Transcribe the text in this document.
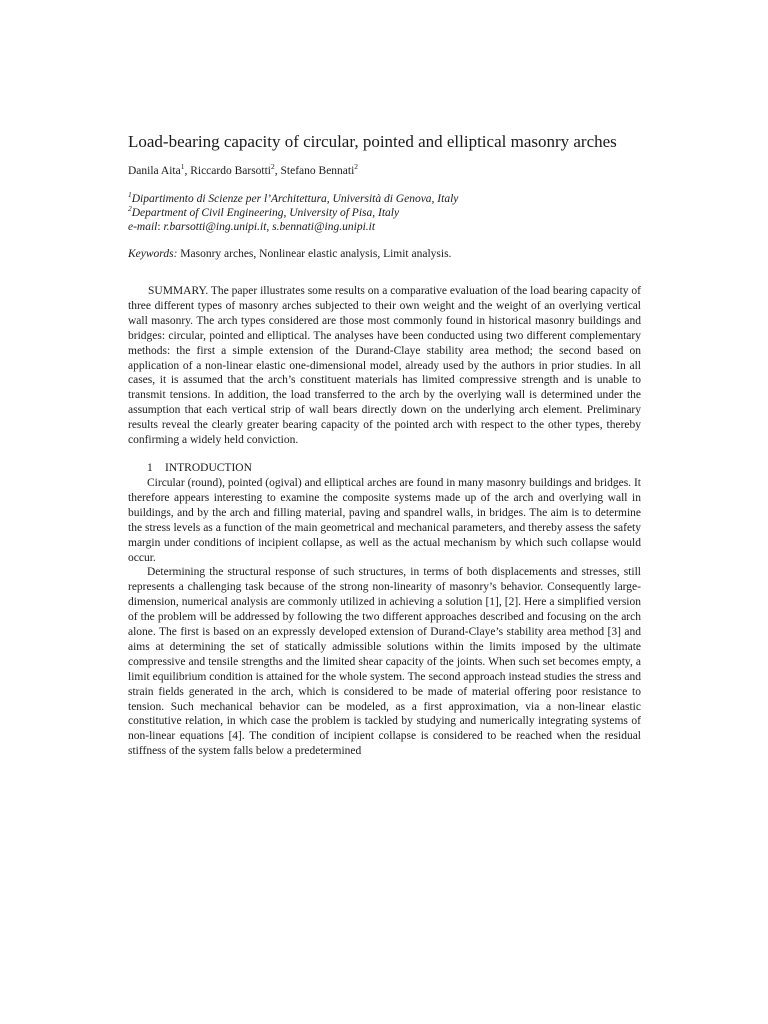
Load-bearing capacity of circular, pointed and elliptical masonry arches
Danila Aita$^1$, Riccardo Barsotti$^2$, Stefano Bennati$^2$
$^1$Dipartimento di Scienze per l’Architettura, Università di Genova, Italy
$^2$Department of Civil Engineering, University of Pisa, Italy
e-mail: r.barsotti@ing.unipi.it, s.bennati@ing.unipi.it
Keywords: Masonry arches, Nonlinear elastic analysis, Limit analysis.

SUMMARY. The paper illustrates some results on a comparative evaluation of the load bearing capacity of three different types of masonry arches subjected to their own weight and the weight of an overlying vertical wall masonry. The arch types considered are those most commonly found in historical masonry buildings and bridges: circular, pointed and elliptical. The analyses have been conducted using two different complementary methods: the first a simple extension of the Durand-Claye stability area method; the second based on application of a non-linear elastic one-dimensional model, already used by the authors in prior studies. In all cases, it is assumed that the arch’s constituent materials has limited compressive strength and is unable to transmit tensions. In addition, the load transferred to the arch by the overlying wall is determined under the assumption that each vertical strip of wall bears directly down on the underlying arch element. Preliminary results reveal the clearly greater bearing capacity of the pointed arch with respect to the other types, thereby confirming a widely held conviction.

1 INTRODUCTION

Circular (round), pointed (ogival) and elliptical arches are found in many masonry buildings and bridges. It therefore appears interesting to examine the composite systems made up of the arch and overlying wall in buildings, and by the arch and filling material, paving and spandrel walls, in bridges. The aim is to determine the stress levels as a function of the main geometrical and mechanical parameters, and thereby assess the safety margin under conditions of incipient collapse, as well as the actual mechanism by which such collapse would occur.

Determining the structural response of such structures, in terms of both displacements and stresses, still represents a challenging task because of the strong non-linearity of masonry’s behavior. Consequently large-dimension, numerical analysis are commonly utilized in achieving a solution [1], [2]. Here a simplified version of the problem will be addressed by following the two different approaches described and focusing on the arch alone. The first is based on an expressly developed extension of Durand-Claye’s stability area method [3] and aims at determining the set of statically admissible solutions within the limits imposed by the ultimate compressive and tensile strengths and the limited shear capacity of the joints. When such set becomes empty, a limit equilibrium condition is attained for the whole system. The second approach instead studies the stress and strain fields generated in the arch, which is considered to be made of material offering poor resistance to tension. Such mechanical behavior can be modeled, as a first approximation, via a non-linear elastic constitutive relation, in which case the problem is tackled by studying and numerically integrating systems of non-linear equations [4]. The condition of incipient collapse is considered to be reached when the residual stiffness of the system falls below a predetermined
